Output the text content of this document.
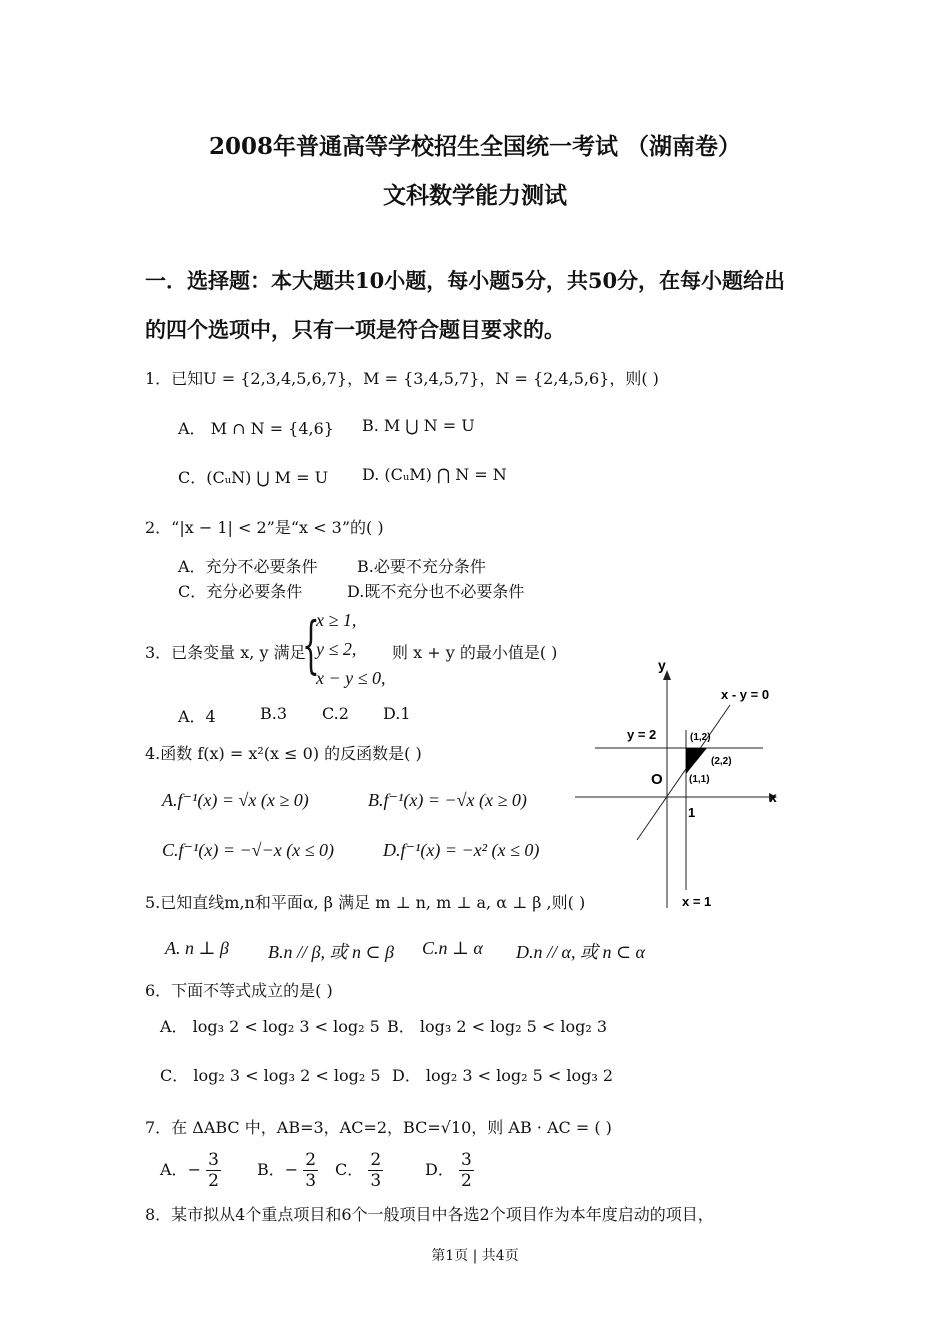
2008年普通高等学校招生全国统一考试 （湖南卷）
文科数学能力测试
一．选择题：本大题共10小题，每小题5分，共50分，在每小题给出
的四个选项中，只有一项是符合题目要求的。
1．已知U = {2,3,4,5,6,7}，M = {3,4,5,7}，N = {2,4,5,6}，则( )
A． M ∩ N = {4,6} B. M ⋃ N = U
C．(CᵤN) ⋃ M = U D. (CᵤM) ⋂ N = N
2．“|x − 1| < 2”是“x < 3”的( )
A．充分不必要条件 B.必要不充分条件
C．充分必要条件	D.既不充分也不必要条件
3．已条变量 x, y 满足
{
x ≥ 1,
y ≤ 2,
x − y ≤ 0,
则 x + y 的最小值是( )
A．4	B.3 C.2 D.1
y
x
x - y = 0
y = 2
x = 1
O
1
(1,2)
(2,2)
(1,1)
4.函数 f(x) = x²(x ≤ 0) 的反函数是( )
A.f⁻¹(x) = √x (x ≥ 0)	B.f⁻¹(x) = −√x (x ≥ 0)
C.f⁻¹(x) = −√−x (x ≤ 0)	D.f⁻¹(x) = −x² (x ≤ 0)
5.已知直线m,n和平面α, β 满足 m ⊥ n, m ⊥ a, α ⊥ β ,则( )
A. n ⊥ β B.n // β, 或 n ⊂ β C.n ⊥ α D.n // α, 或 n ⊂ α
6．下面不等式成立的是( )
A． log₃ 2 < log₂ 3 < log₂ 5 B． log₃ 2 < log₂ 5 < log₂ 3
C． log₂ 3 < log₃ 2 < log₂ 5 D． log₂ 3 < log₂ 5 < log₃ 2
7．在 ΔABC 中，AB=3，AC=2，BC=√10，则 AB · AC = ( )
A．− $\frac{3}{2}$ B．− $\frac{2}{3}$ C． $\frac{2}{3}$	D． $\frac{3}{2}$
8．某市拟从4个重点项目和6个一般项目中各选2个项目作为本年度启动的项目，
第1页 | 共4页
